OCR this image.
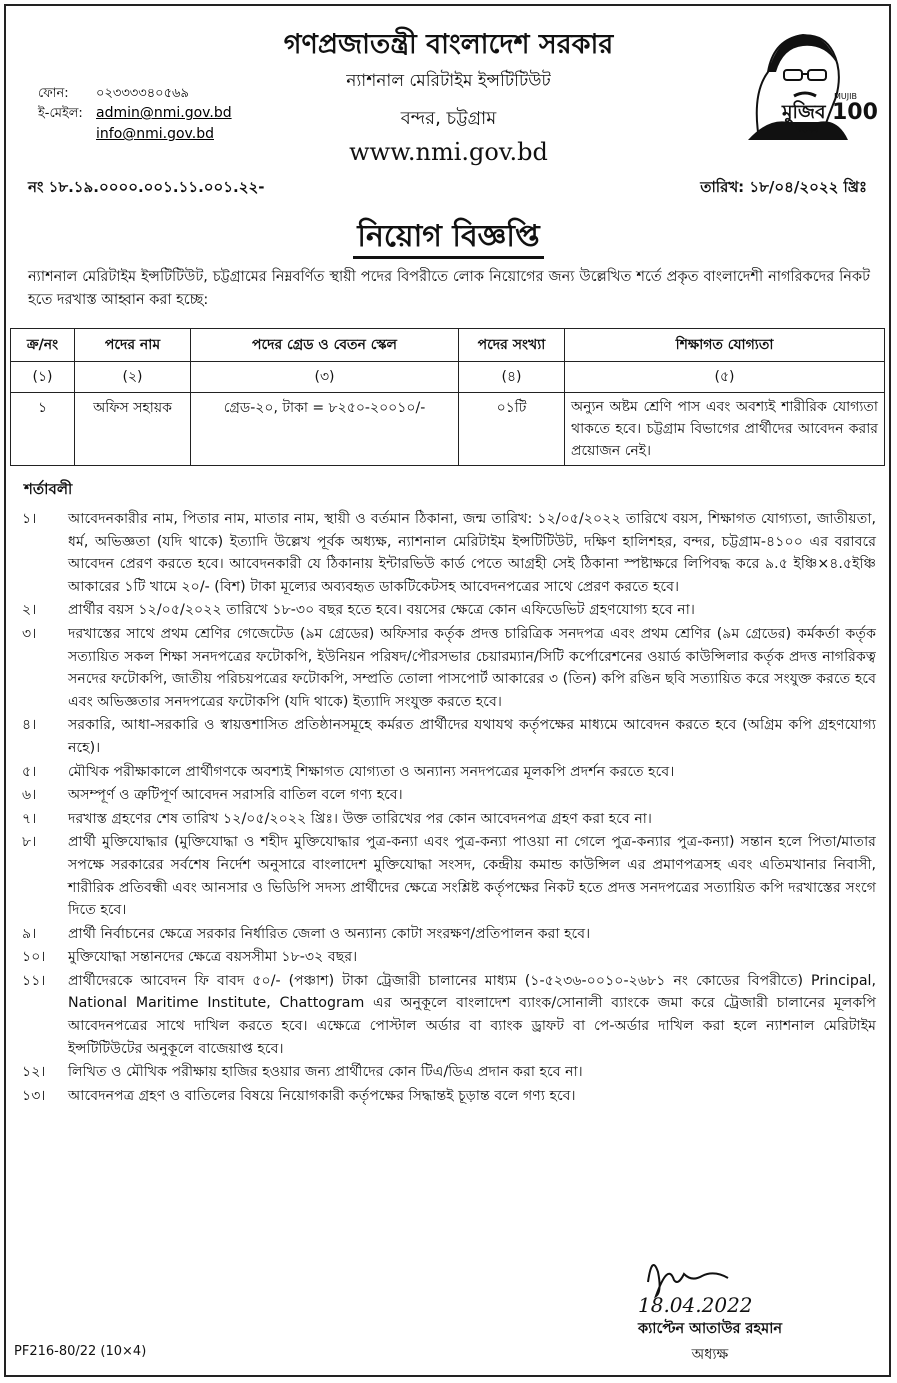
গণপ্রজাতন্ত্রী বাংলাদেশ সরকার
ন্যাশনাল মেরিটাইম ইন্সটিটিউট
বন্দর, চট্টগ্রাম
www.nmi.gov.bd
ফোন: ০২৩৩৩৩৪০৫৬৯
ই-মেইল: admin@nmi.gov.bd
info@nmi.gov.bd
মুজিব
শতবর্ষ
MUJIB
100
নং ১৮.১৯.০০০০.০০১.১১.০০১.২২-	তারিখ: ১৮/০৪/২০২২ খ্রিঃ
নিয়োগ বিজ্ঞপ্তি
ন্যাশনাল মেরিটাইম ইন্সটিটিউট, চট্টগ্রামের নিম্নবর্ণিত স্থায়ী পদের বিপরীতে লোক নিয়োগের জন্য উল্লেখিত শর্তে প্রকৃত বাংলাদেশী নাগরিকদের নিকট হতে দরখাস্ত আহ্বান করা হচ্ছে:
ক্র/নং	পদের নাম	পদের গ্রেড ও বেতন স্কেল	পদের সংখ্যা	শিক্ষাগত যোগ্যতা
(১)	(২)	(৩)	(৪)	(৫)
১	অফিস সহায়ক	গ্রেড-২০, টাকা = ৮২৫০-২০০১০/-	০১টি	অন্যুন অষ্টম শ্রেণি পাস এবং অবশ্যই শারীরিক যোগ্যতা থাকতে হবে। চট্টগ্রাম বিভাগের প্রার্থীদের আবেদন করার প্রয়োজন নেই।
শর্তাবলী
১।	আবেদনকারীর নাম, পিতার নাম, মাতার নাম, স্থায়ী ও বর্তমান ঠিকানা, জন্ম তারিখ: ১২/০৫/২০২২ তারিখে বয়স, শিক্ষাগত যোগ্যতা, জাতীয়তা, ধর্ম, অভিজ্ঞতা (যদি থাকে) ইত্যাদি উল্লেখ পূর্বক অধ্যক্ষ, ন্যাশনাল মেরিটাইম ইন্সটিটিউট, দক্ষিণ হালিশহর, বন্দর, চট্টগ্রাম-৪১০০ এর বরাবরে আবেদন প্রেরণ করতে হবে। আবেদনকারী যে ঠিকানায় ইন্টারভিউ কার্ড পেতে আগ্রহী সেই ঠিকানা স্পষ্টাক্ষরে লিপিবদ্ধ করে ৯.৫ ইঞ্চি×৪.৫ইঞ্চি আকারের ১টি খামে ২০/- (বিশ) টাকা মূল্যের অব্যবহৃত ডাকটিকেটসহ আবেদনপত্রের সাথে প্রেরণ করতে হবে।
২।	প্রার্থীর বয়স ১২/০৫/২০২২ তারিখে ১৮-৩০ বছর হতে হবে। বয়সের ক্ষেত্রে কোন এফিডেভিট গ্রহণযোগ্য হবে না।
৩।	দরখাস্তের সাথে প্রথম শ্রেণির গেজেটেড (৯ম গ্রেডের) অফিসার কর্তৃক প্রদত্ত চারিত্রিক সনদপত্র এবং প্রথম শ্রেণির (৯ম গ্রেডের) কর্মকর্তা কর্তৃক সত্যায়িত সকল শিক্ষা সনদপত্রের ফটোকপি, ইউনিয়ন পরিষদ/পৌরসভার চেয়ারম্যান/সিটি কর্পোরেশনের ওয়ার্ড কাউন্সিলার কর্তৃক প্রদত্ত নাগরিকত্ব সনদের ফটোকপি, জাতীয় পরিচয়পত্রের ফটোকপি, সম্প্রতি তোলা পাসপোর্ট আকারের ৩ (তিন) কপি রঙিন ছবি সত্যায়িত করে সংযুক্ত করতে হবে এবং অভিজ্ঞতার সনদপত্রের ফটোকপি (যদি থাকে) ইত্যাদি সংযুক্ত করতে হবে।
৪।	সরকারি, আধা-সরকারি ও স্বায়ত্তশাসিত প্রতিষ্ঠানসমূহে কর্মরত প্রার্থীদের যথাযথ কর্তৃপক্ষের মাধ্যমে আবেদন করতে হবে (অগ্রিম কপি গ্রহণযোগ্য নহে)।
৫।	মৌখিক পরীক্ষাকালে প্রার্থীগণকে অবশ্যই শিক্ষাগত যোগ্যতা ও অন্যান্য সনদপত্রের মূলকপি প্রদর্শন করতে হবে।
৬।	অসম্পূর্ণ ও ত্রুটিপূর্ণ আবেদন সরাসরি বাতিল বলে গণ্য হবে।
৭।	দরখাস্ত গ্রহণের শেষ তারিখ ১২/০৫/২০২২ খ্রিঃ। উক্ত তারিখের পর কোন আবেদনপত্র গ্রহণ করা হবে না।
৮।	প্রার্থী মুক্তিযোদ্ধার (মুক্তিযোদ্ধা ও শহীদ মুক্তিযোদ্ধার পুত্র-কন্যা এবং পুত্র-কন্যা পাওয়া না গেলে পুত্র-কন্যার পুত্র-কন্যা) সন্তান হলে পিতা/মাতার সপক্ষে সরকারের সর্বশেষ নির্দেশ অনুসারে বাংলাদেশ মুক্তিযোদ্ধা সংসদ, কেন্দ্রীয় কমান্ড কাউন্সিল এর প্রমাণপত্রসহ এবং এতিমখানার নিবাসী, শারীরিক প্রতিবন্ধী এবং আনসার ও ভিডিপি সদস্য প্রার্থীদের ক্ষেত্রে সংশ্লিষ্ট কর্তৃপক্ষের নিকট হতে প্রদত্ত সনদপত্রের সত্যায়িত কপি দরখাস্তের সংগে দিতে হবে।
৯।	প্রার্থী নির্বাচনের ক্ষেত্রে সরকার নির্ধারিত জেলা ও অন্যান্য কোটা সংরক্ষণ/প্রতিপালন করা হবে।
১০।	মুক্তিযোদ্ধা সন্তানদের ক্ষেত্রে বয়সসীমা ১৮-৩২ বছর।
১১।	প্রার্থীদেরকে আবেদন ফি বাবদ ৫০/- (পঞ্চাশ) টাকা ট্রেজারী চালানের মাধ্যম (১-৫২৩৬-০০১০-২৬৮১ নং কোডের বিপরীতে) Principal, National Maritime Institute, Chattogram এর অনুকূলে বাংলাদেশ ব্যাংক/সোনালী ব্যাংকে জমা করে ট্রেজারী চালানের মূলকপি আবেদনপত্রের সাথে দাখিল করতে হবে। এক্ষেত্রে পোস্টাল অর্ডার বা ব্যাংক ড্রাফট বা পে-অর্ডার দাখিল করা হলে ন্যাশনাল মেরিটাইম ইন্সটিটিউটের অনুকূলে বাজেয়াপ্ত হবে।
১২।	লিখিত ও মৌখিক পরীক্ষায় হাজির হওয়ার জন্য প্রার্থীদের কোন টিএ/ডিএ প্রদান করা হবে না।
১৩।	আবেদনপত্র গ্রহণ ও বাতিলের বিষয়ে নিয়োগকারী কর্তৃপক্ষের সিদ্ধান্তই চূড়ান্ত বলে গণ্য হবে।
18.04.2022
ক্যাপ্টেন আতাউর রহমান
অধ্যক্ষ
PF216-80/22 (10×4)
